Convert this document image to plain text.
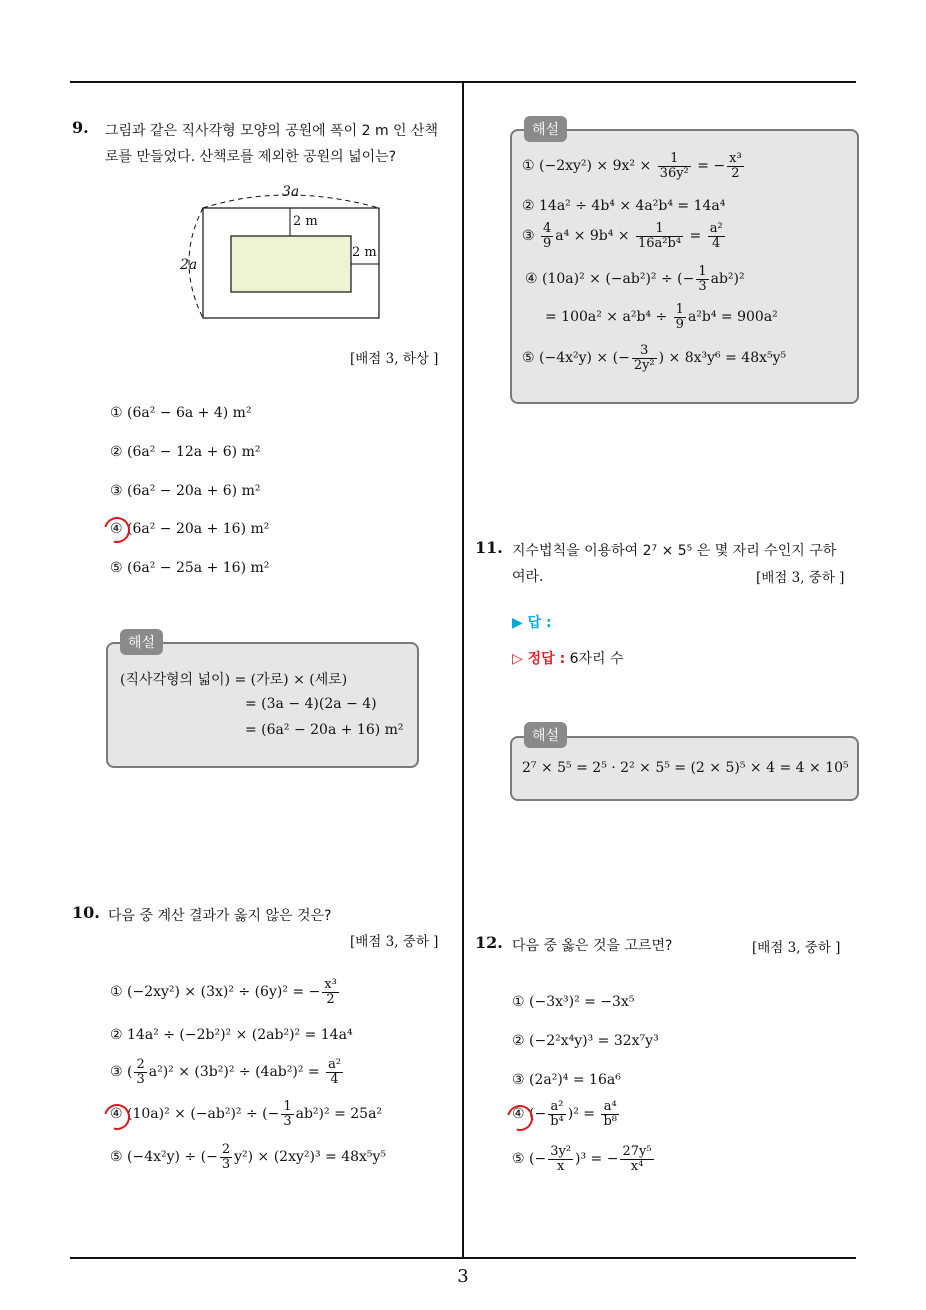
3
9. 그림과 같은 직사각형 모양의 공원에 폭이 2 m 인 산책
로를 만들었다. 산책로를 제외한 공원의 넓이는?
3a
2a
2 m
2 m
[배점 3, 하상 ]
① (6a² − 6a + 4) m²
② (6a² − 12a + 6) m²
③ (6a² − 20a + 6) m²
④ (6a² − 20a + 16) m²
⑤ (6a² − 25a + 16) m²
해설
(직사각형의 넓이) = (가로) × (세로)
= (3a − 4)(2a − 4)
= (6a² − 20a + 16) m²
10. 다음 중 계산 결과가 옳지 않은 것은?
[배점 3, 중하 ]
① (−2xy²) × (3x)² ÷ (6y)² = − $\frac{\text{x³}}{2}$
② 14a² ÷ (−2b²)² × (2ab²)² = 14a⁴
③ ( $\frac{2}{3} a^2)^2 \times (3b^2)^2 \div (4ab^2)^2 = \frac{\text{a²}}{4}$
④ (10a)² × (−ab²)² ÷ (− $\frac{1}{3} ab^2)^2 = 25a^2$
⑤ (−4x²y) ÷ (− $\frac{2}{3} y^2) \times (2xy^2)^3 = 48x^5y^5$
해설
① $(-2xy^2) \times 9x^2 \times \frac{1}{\text{36y²}}$ = − $\frac{\text{x³}}{2}$
② 14a² ÷ 4b⁴ × 4a²b⁴ = 14a⁴
③ $\frac{4}{9} a^4 \times 9b^4 \times \frac{1}{\text{16a²b⁴}} = \frac{\text{a²}}{4}$
④ (10a)² × (−ab²)² ÷ (− $\frac{1}{3} ab^2)^2$
= $100a^2 \times a^2b^4 \div \frac{1}{9} a^2b^4 = 900a^2$
⑤ (−4x²y) × (− $\frac{3}{\text{2y²}}$ ) × 8x³y⁶ = 48x⁵y⁵
11. 지수법칙을 이용하여 2⁷ × 5⁵ 은 몇 자리 수인지 구하
여라.	[배점 3, 중하 ]
▶ 답 :
▷ 정답 : 6자리 수
해설
2⁷ × 5⁵ = 2⁵ · 2² × 5⁵ = (2 × 5)⁵ × 4 = 4 × 10⁵
12. 다음 중 옳은 것을 고르면?	[배점 3, 중하 ]
① (−3x³)² = −3x⁵
② (−2²x⁴y)³ = 32x⁷y³
③ (2a²)⁴ = 16a⁶
④ (− $\frac{\text{a²}}{\text{b⁴}} )^2 = \frac{\text{a⁴}}{\text{b⁸}}$
⑤ (− $\frac{\text{3y²}}{x} )^3$ = − $\frac{\text{27y⁵}}{\text{x⁴}}$
